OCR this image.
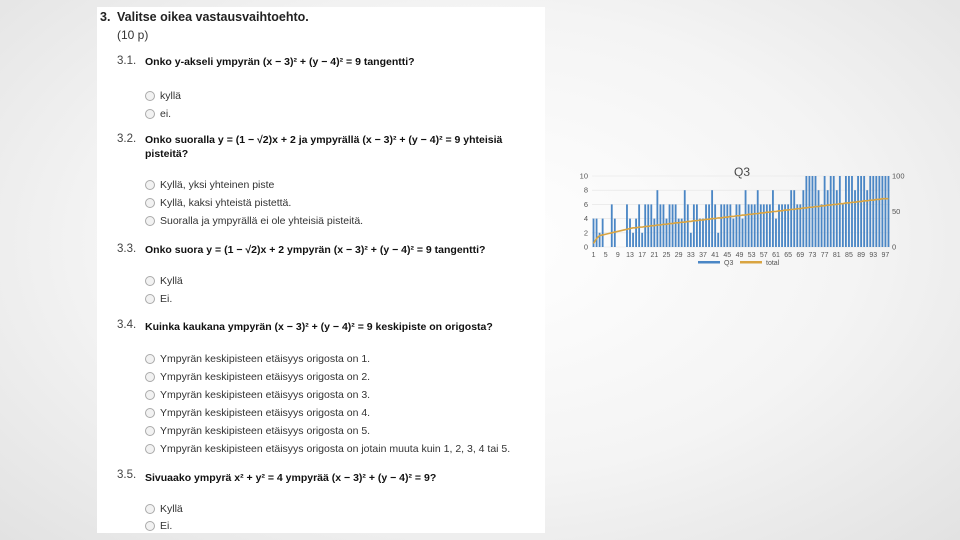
3. Valitse oikea vastausvaihtoehto.
(10 p)
3.1. Onko y-akseli ympyrän (x − 3)² + (y − 4)² = 9 tangentti?
kyllä
ei.
3.2. Onko suoralla y = (1 − √2)x + 2 ja ympyrällä (x − 3)² + (y − 4)² = 9 yhteisiä pisteitä?
Kyllä, yksi yhteinen piste
Kyllä, kaksi yhteistä pistettä.
Suoralla ja ympyrällä ei ole yhteisiä pisteitä.
3.3. Onko suora y = (1 − √2)x + 2 ympyrän (x − 3)² + (y − 4)² = 9 tangentti?
Kyllä
Ei.
3.4. Kuinka kaukana ympyrän (x − 3)² + (y − 4)² = 9 keskipiste on origosta?
Ympyrän keskipisteen etäisyys origosta on 1.
Ympyrän keskipisteen etäisyys origosta on 2.
Ympyrän keskipisteen etäisyys origosta on 3.
Ympyrän keskipisteen etäisyys origosta on 4.
Ympyrän keskipisteen etäisyys origosta on 5.
Ympyrän keskipisteen etäisyys origosta on jotain muuta kuin 1, 2, 3, 4 tai 5.
3.5. Sivuaako ympyrä x² + y² = 4 ympyrää (x − 3)² + (y − 4)² = 9?
Kyllä
Ei.
Q3
0
2
4
6
8
10
0
50
100
1 5 9 13 17 21 25 29 33 37 41 45 49 53 57 61 65 69 73 77 81 85 89 93 97
Q3	total
